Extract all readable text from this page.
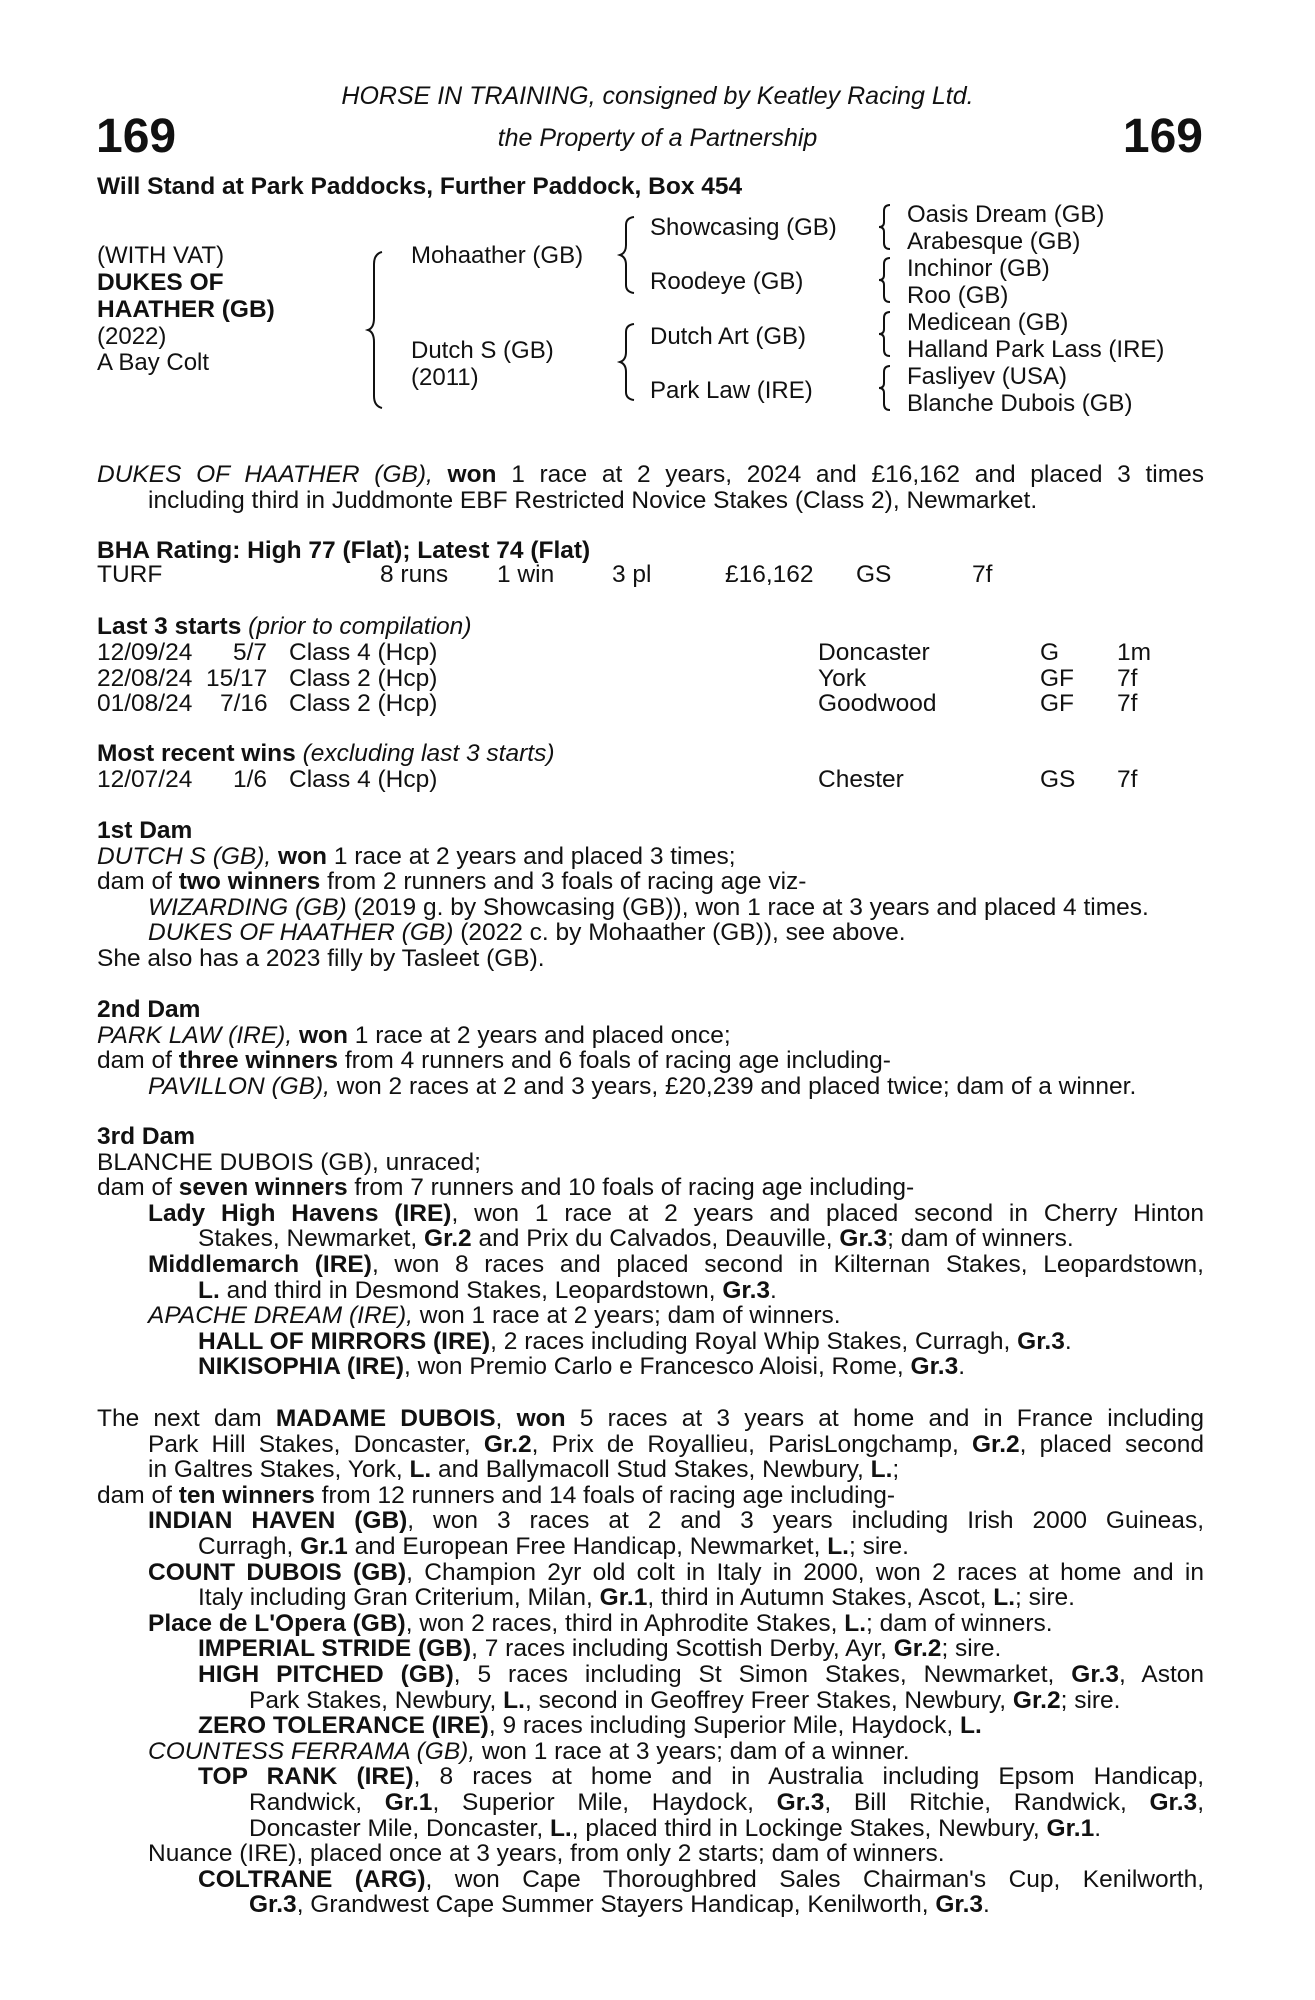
169	169
HORSE IN TRAINING, consigned by Keatley Racing Ltd.
the Property of a Partnership
Will Stand at Park Paddocks, Further Paddock, Box 454
(WITH VAT)
DUKES OF
HAATHER (GB)
(2022)
A Bay Colt
Mohaather (GB)
Dutch S (GB)
(2011)
Showcasing (GB)
Roodeye (GB)
Dutch Art (GB)
Park Law (IRE)
Oasis Dream (GB)
Arabesque (GB)
Inchinor (GB)
Roo (GB)
Medicean (GB)
Halland Park Lass (IRE)
Fasliyev (USA)
Blanche Dubois (GB)
DUKES OF HAATHER (GB), won 1 race at 2 years, 2024 and £16,162 and placed 3 times
including third in Juddmonte EBF Restricted Novice Stakes (Class 2), Newmarket.
BHA Rating: High 77 (Flat); Latest 74 (Flat)
TURF	8 runs 1 win 3 pl	£16,162 GS	7f
Last 3 starts (prior to compilation)
12/09/24 5/7 Class 4 (Hcp)	Doncaster	G 1m
22/08/24 15/17 Class 2 (Hcp)	York	GF 7f
01/08/24 7/16 Class 2 (Hcp)	Goodwood	GF 7f
Most recent wins (excluding last 3 starts)
12/07/24 1/6 Class 4 (Hcp)	Chester	GS 7f
1st Dam
DUTCH S (GB), won 1 race at 2 years and placed 3 times;
dam of two winners from 2 runners and 3 foals of racing age viz-
WIZARDING (GB) (2019 g. by Showcasing (GB)), won 1 race at 3 years and placed 4 times.
DUKES OF HAATHER (GB) (2022 c. by Mohaather (GB)), see above.
She also has a 2023 filly by Tasleet (GB).
2nd Dam
PARK LAW (IRE), won 1 race at 2 years and placed once;
dam of three winners from 4 runners and 6 foals of racing age including-
PAVILLON (GB), won 2 races at 2 and 3 years, £20,239 and placed twice; dam of a winner.
3rd Dam
BLANCHE DUBOIS (GB), unraced;
dam of seven winners from 7 runners and 10 foals of racing age including-
Lady High Havens (IRE), won 1 race at 2 years and placed second in Cherry Hinton
Stakes, Newmarket, Gr.2 and Prix du Calvados, Deauville, Gr.3; dam of winners.
Middlemarch (IRE), won 8 races and placed second in Kilternan Stakes, Leopardstown,
L. and third in Desmond Stakes, Leopardstown, Gr.3.
APACHE DREAM (IRE), won 1 race at 2 years; dam of winners.
HALL OF MIRRORS (IRE), 2 races including Royal Whip Stakes, Curragh, Gr.3.
NIKISOPHIA (IRE), won Premio Carlo e Francesco Aloisi, Rome, Gr.3.
The next dam MADAME DUBOIS, won 5 races at 3 years at home and in France including
Park Hill Stakes, Doncaster, Gr.2, Prix de Royallieu, ParisLongchamp, Gr.2, placed second
in Galtres Stakes, York, L. and Ballymacoll Stud Stakes, Newbury, L.;
dam of ten winners from 12 runners and 14 foals of racing age including-
INDIAN HAVEN (GB), won 3 races at 2 and 3 years including Irish 2000 Guineas,
Curragh, Gr.1 and European Free Handicap, Newmarket, L.; sire.
COUNT DUBOIS (GB), Champion 2yr old colt in Italy in 2000, won 2 races at home and in
Italy including Gran Criterium, Milan, Gr.1, third in Autumn Stakes, Ascot, L.; sire.
Place de L'Opera (GB), won 2 races, third in Aphrodite Stakes, L.; dam of winners.
IMPERIAL STRIDE (GB), 7 races including Scottish Derby, Ayr, Gr.2; sire.
HIGH PITCHED (GB), 5 races including St Simon Stakes, Newmarket, Gr.3, Aston
Park Stakes, Newbury, L., second in Geoffrey Freer Stakes, Newbury, Gr.2; sire.
ZERO TOLERANCE (IRE), 9 races including Superior Mile, Haydock, L.
COUNTESS FERRAMA (GB), won 1 race at 3 years; dam of a winner.
TOP RANK (IRE), 8 races at home and in Australia including Epsom Handicap,
Randwick, Gr.1, Superior Mile, Haydock, Gr.3, Bill Ritchie, Randwick, Gr.3,
Doncaster Mile, Doncaster, L., placed third in Lockinge Stakes, Newbury, Gr.1.
Nuance (IRE), placed once at 3 years, from only 2 starts; dam of winners.
COLTRANE (ARG), won Cape Thoroughbred Sales Chairman's Cup, Kenilworth,
Gr.3, Grandwest Cape Summer Stayers Handicap, Kenilworth, Gr.3.
